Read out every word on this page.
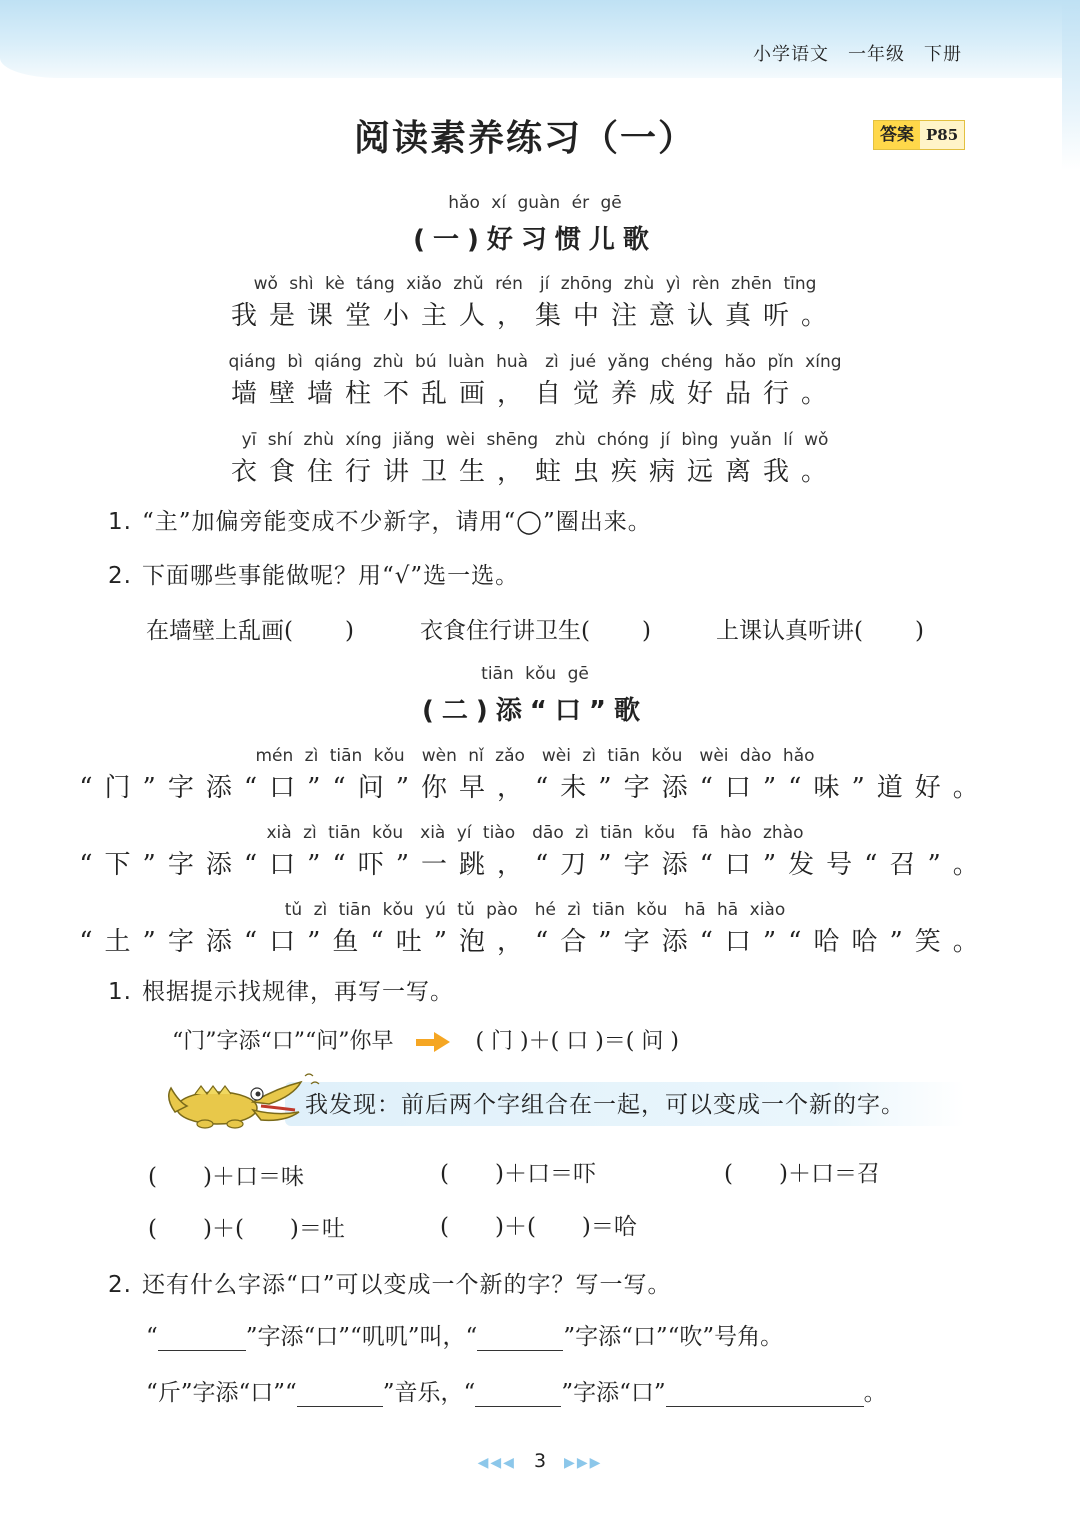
小学语文　一年级　下册
阅读素养练习（一）	答案 P85
hǎo xí guàn ér gē
(一)好习惯儿歌
wǒ shì kè táng xiǎo zhǔ rén　jí zhōng zhù yì rèn zhēn tīng
我是课堂小主人，集中注意认真听。
qiáng bì qiáng zhù bú luàn huà　zì jué yǎng chéng hǎo pǐn xíng
墙壁墙柱不乱画，自觉养成好品行。
yī shí zhù xíng jiǎng wèi shēng　zhù chóng jí bìng yuǎn lí wǒ
衣食住行讲卫生，蛀虫疾病远离我。
1. “主”加偏旁能变成不少新字，请用“◯”圈出来。
2. 下面哪些事能做呢？用“√”选一选。
在墙壁上乱画( )	衣食住行讲卫生( )	上课认真听讲( )
tiān kǒu gē
(二)添“口”歌
mén zì tiān kǒu　wèn nǐ zǎo　wèi zì tiān kǒu　wèi dào hǎo
“门”字添“口”“问”你早，“未”字添“口”“味”道好。
xià zì tiān kǒu　xià yí tiào　dāo zì tiān kǒu　fā hào zhào
“下”字添“口”“吓”一跳，“刀”字添“口”发号“召”。
tǔ zì tiān kǒu yú tǔ pào　hé zì tiān kǒu　hā hā xiào
“土”字添“口”鱼“吐”泡，“合”字添“口”“哈哈”笑。
1. 根据提示找规律，再写一写。
“门”字添“口”“问”你早	( 门 )＋( 口 )＝( 问 )
我发现：前后两个字组合在一起，可以变成一个新的字。
(　　)＋口＝味	(　　)＋口＝吓	(　　)＋口＝召
(　　)＋(　　)＝吐	(　　)＋(　　)＝哈
2. 还有什么字添“口”可以变成一个新的字？写一写。
“	”字添“口”“叽叽”叫，“	”字添“口”“吹”号角。
“斤”字添“口”“	”音乐，“	”字添“口”	。
◀◀◀ 3 ▶▶▶
